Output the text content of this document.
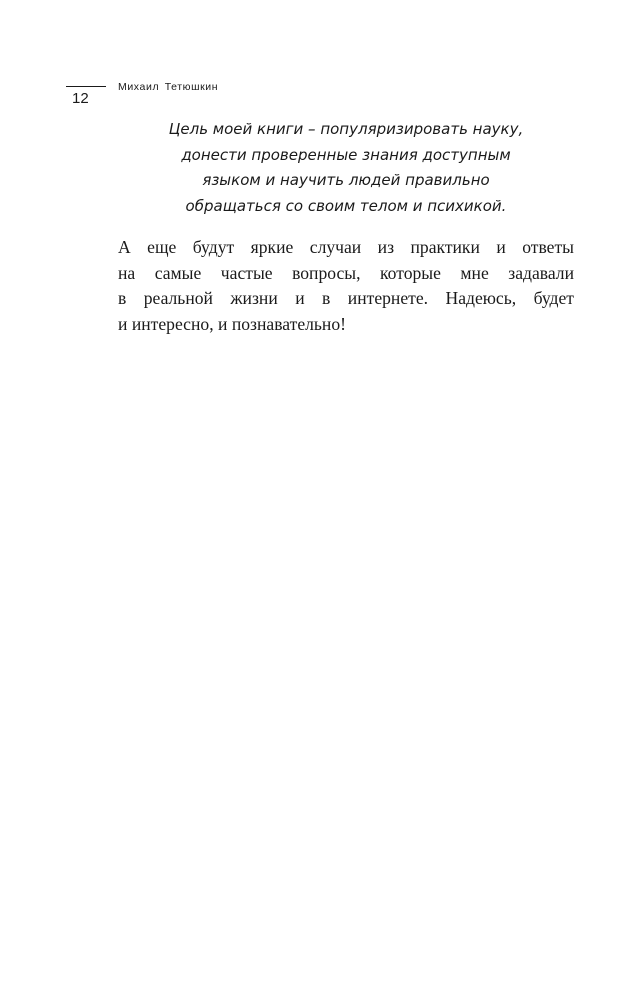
12
Михаил Тетюшкин
Цель моей книги – популяризировать науку,
донести проверенные знания доступным
языком и научить людей правильно
обращаться со своим телом и психикой.
А еще будут яркие случаи из практики и ответы
на самые частые вопросы, которые мне задавали
в реальной жизни и в интернете. Надеюсь, будет
и интересно, и познавательно!
